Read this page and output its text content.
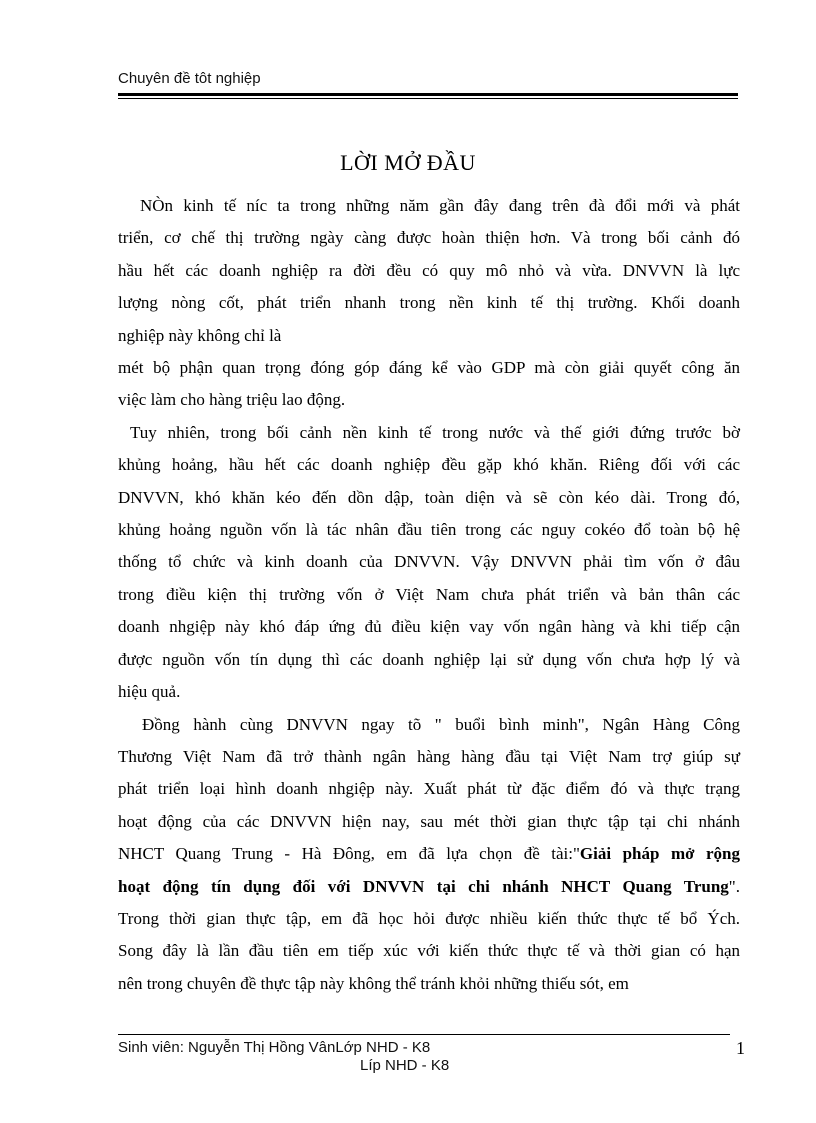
Chuyên đề tôt nghiệp
LỜI MỞ ĐẦU

NÒn kinh tế níc ta trong những năm gần đây đang trên đà đổi mới và phát
triển, cơ chế thị trường ngày càng được hoàn thiện hơn. Và trong bối cảnh đó
hầu hết các doanh nghiệp ra đời đều có quy mô nhỏ và vừa. DNVVN là lực
lượng nòng cốt, phát triển nhanh trong nền kinh tế thị trường. Khối doanh
nghiệp này không chỉ là
mét bộ phận quan trọng đóng góp đáng kể vào GDP mà còn giải quyết công ăn
việc làm cho hàng triệu lao động.

Tuy nhiên, trong bối cảnh nền kinh tế trong nước và thế giới đứng trước bờ
khủng hoảng, hầu hết các doanh nghiệp đều gặp khó khăn. Riêng đối với các
DNVVN, khó khăn kéo đến dồn dập, toàn diện và sẽ còn kéo dài. Trong đó,
khủng hoảng nguồn vốn là tác nhân đầu tiên trong các nguy cokéo đổ toàn bộ hệ
thống tổ chức và kinh doanh của DNVVN. Vậy DNVVN phải tìm vốn ở đâu
trong điều kiện thị trường vốn ở Việt Nam chưa phát triển và bản thân các
doanh nhgiệp này khó đáp ứng đủ điều kiện vay vốn ngân hàng và khi tiếp cận
được nguồn vốn tín dụng thì các doanh nghiệp lại sử dụng vốn chưa hợp lý và
hiệu quả.

Đồng hành cùng DNVVN ngay tõ " buổi bình minh", Ngân Hàng Công
Thương Việt Nam đã trở thành ngân hàng hàng đầu tại Việt Nam trợ giúp sự
phát triển loại hình doanh nhgiệp này. Xuất phát từ đặc điểm đó và thực trạng
hoạt động của các DNVVN hiện nay, sau mét thời gian thực tập tại chi nhánh
NHCT Quang Trung - Hà Đông, em đã lựa chọn đề tài:"Giải pháp mở rộng
hoạt động tín dụng đối với DNVVN tại chi nhánh NHCT Quang Trung".
Trong thời gian thực tập, em đã học hỏi được nhiều kiến thức thực tế bổ Ých.
Song đây là lần đầu tiên em tiếp xúc với kiến thức thực tế và thời gian có hạn
nên trong chuyên đề thực tập này không thể tránh khỏi những thiếu sót, em

Sinh viên: Nguyễn Thị Hồng VânLớp NHD - K8
Líp NHD - K8
1
